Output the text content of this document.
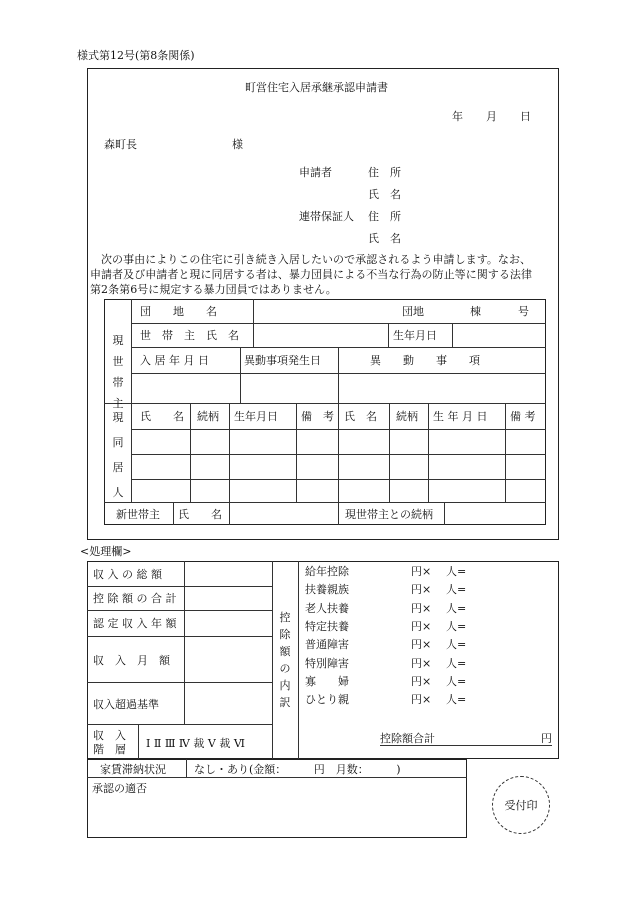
様式第12号(第8条関係)
町営住宅入居承継承認申請書
年 月 日
森町長	様
申請者	住　所
氏　名
連帯保証人 住　所
氏　名
次の事由によりこの住宅に引き続き入居したいので承認されるよう申請します。なお、
申請者及び申請者と現に同居する者は、暴力団員による不当な行為の防止等に関する法律
第2条第6号に規定する暴力団員ではありません。
現
世
帯
主
団　　地　　名	団地	棟	号
世　帯　主　氏　名	生年月日
入 居 年 月 日	異動事項発生日	異　　動　　事　　項
現
同
居
人
氏　　名 続柄 生年月日 備　考 氏　名 続柄 生 年 月 日 備 考
新世帯主 氏　　名	現世帯主との続柄
<処理欄>
収 入 の 総 額
控 除 額 の 合 計
認 定 収 入 年 額
収　入　月　額
収入超過基準
収　入
階　層 Ⅰ Ⅱ Ⅲ Ⅳ 裁 Ⅴ 裁 Ⅵ
控
除
額
の
内
訳
給年控除	円× 人=
扶養親族	円× 人=
老人扶養	円× 人=
特定扶養	円× 人=
普通障害	円× 人=
特別障害	円× 人=
寡　　婦	円× 人=
ひとり親	円× 人=
控除額合計	円
家賃滞納状況	なし・あり(金額：　　　円　月数：　　　)
承認の適否
受付印
